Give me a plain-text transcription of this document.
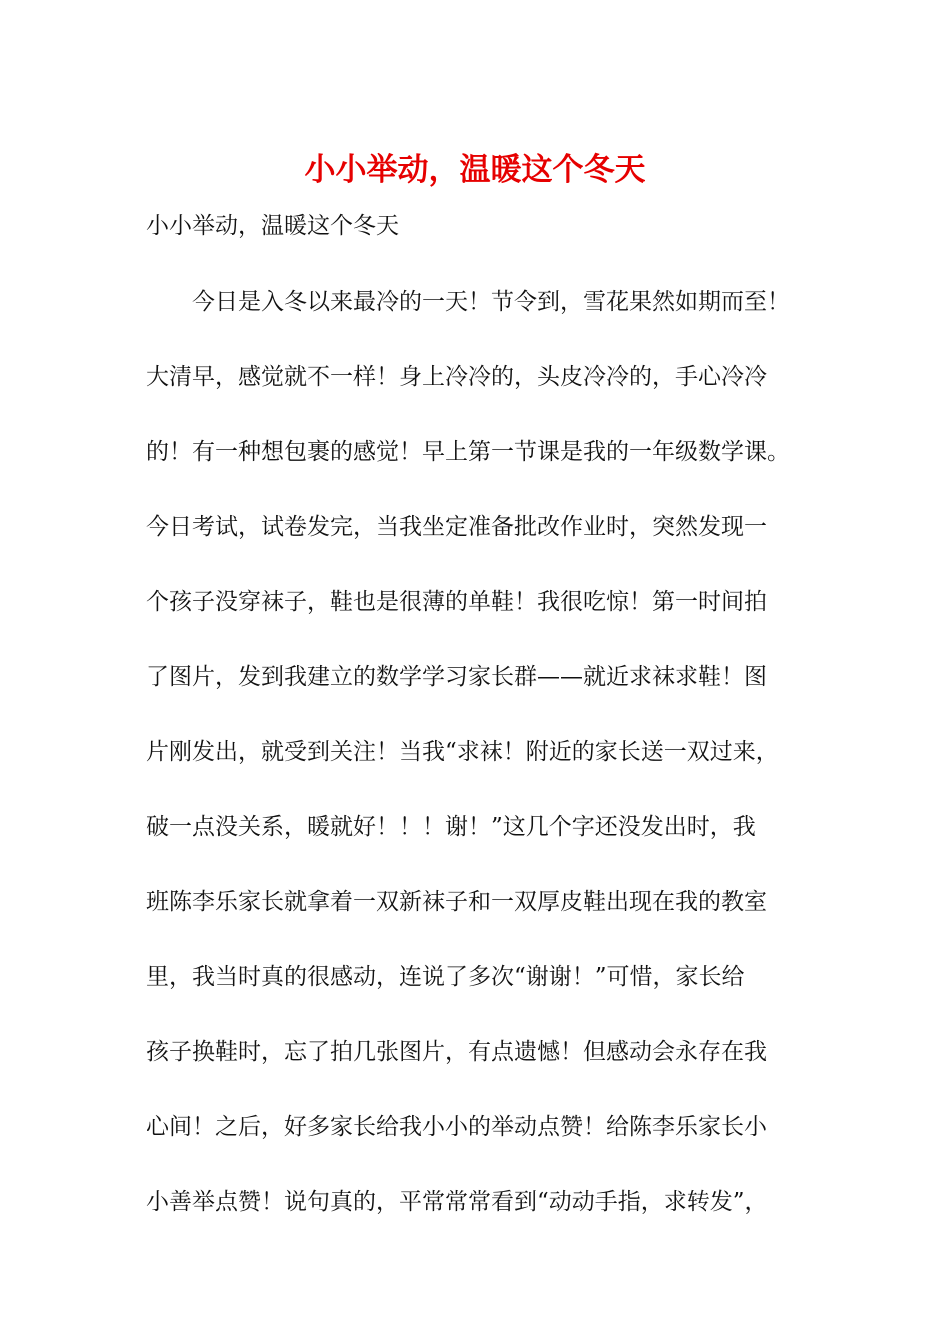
小小举动，温暖这个冬天

小小举动，温暖这个冬天

今日是入冬以来最冷的一天！节令到，雪花果然如期而至！
大清早，感觉就不一样！身上冷冷的，头皮冷冷的，手心冷冷
的！有一种想包裹的感觉！早上第一节课是我的一年级数学课。
今日考试，试卷发完，当我坐定准备批改作业时，突然发现一
个孩子没穿袜子，鞋也是很薄的单鞋！我很吃惊！第一时间拍
了图片，发到我建立的数学学习家长群——就近求袜求鞋！图
片刚发出，就受到关注！当我“求袜！附近的家长送一双过来，
破一点没关系，暖就好！！！谢！”这几个字还没发出时，我
班陈李乐家长就拿着一双新袜子和一双厚皮鞋出现在我的教室
里，我当时真的很感动，连说了多次“谢谢！”可惜，家长给
孩子换鞋时，忘了拍几张图片，有点遗憾！但感动会永存在我
心间！之后，好多家长给我小小的举动点赞！给陈李乐家长小
小善举点赞！说句真的，平常常常看到“动动手指，求转发”，
